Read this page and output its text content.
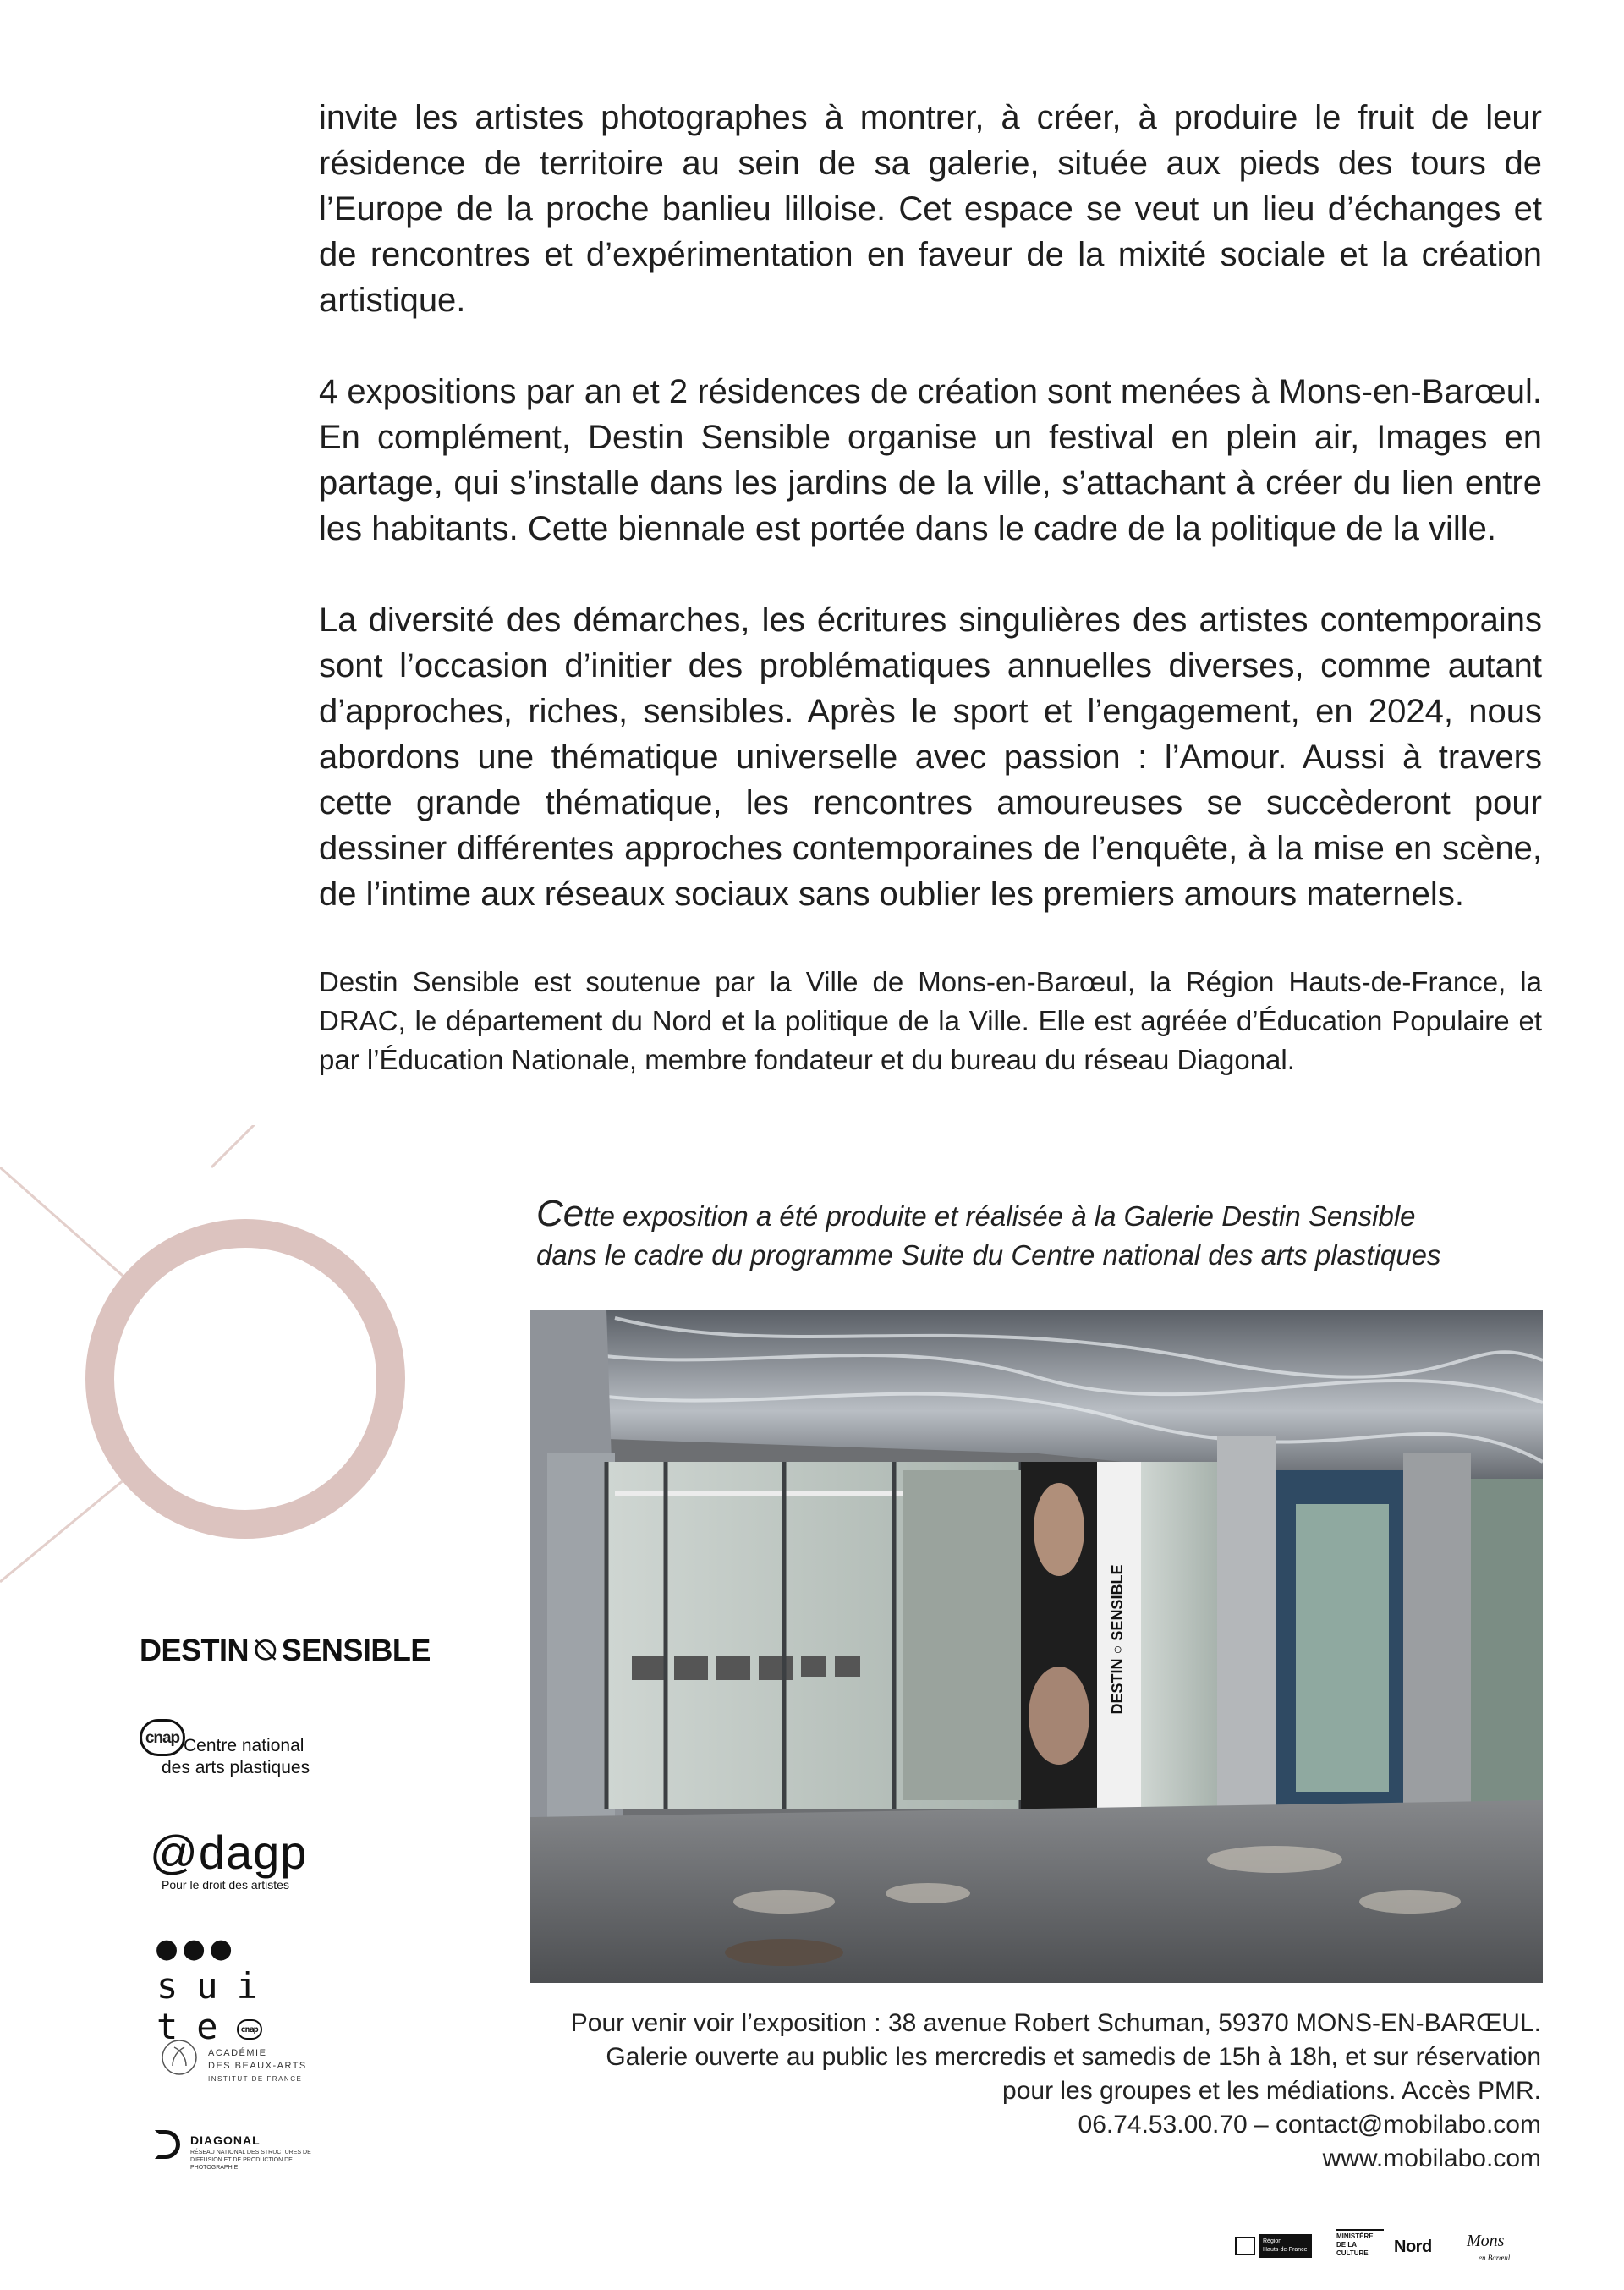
invite les artistes photographes à montrer, à créer, à produire le fruit de leur résidence de territoire au sein de sa galerie, située aux pieds des tours de l’Europe de la proche banlieu lilloise. Cet espace se veut un lieu d’échanges et de rencontres et d’expérimentation en faveur de la mixité sociale et la création artistique.

4 expositions par an et 2 résidences de création sont menées à Mons-en-Barœul. En complément, Destin Sensible organise un festival en plein air, Images en partage, qui s’installe dans les jardins de la ville, s’attachant à créer du lien entre les habitants. Cette biennale est portée dans le cadre de la politique de la ville.

La diversité des démarches, les écritures singulières des artistes contemporains sont l’occasion d’initier des problématiques annuelles diverses, comme autant d’approches, riches, sensibles. Après le sport et l’engagement, en 2024, nous abordons une thématique universelle avec passion : l’Amour. Aussi à travers cette grande thématique, les rencontres amoureuses se succèderont pour dessiner différentes approches contemporaines de l’enquête, à la mise en scène, de l’intime aux réseaux sociaux sans oublier les premiers amours maternels.

Destin Sensible est soutenue par la Ville de Mons-en-Barœul, la Région Hauts-de-France, la DRAC, le département du Nord et la politique de la Ville. Elle est agréée d’Éducation Populaire et par l’Éducation Nationale, membre fondateur et du bureau du réseau Diagonal.

Cette exposition a été produite et réalisée à la Galerie Destin Sensible
dans le cadre du programme Suite du Centre national des arts plastiques
DESTIN ○ SENSIBLE
Pour venir voir l’exposition : 38 avenue Robert Schuman, 59370 MONS-EN-BARŒUL.
Galerie ouverte au public les mercredis et samedis de 15h à 18h, et sur réservation
pour les groupes et les médiations. Accès PMR.
06.74.53.00.70 – contact@mobilabo.com
www.mobilabo.com
DESTIN ⦰ SENSIBLE
cnap Centre national
des arts plastiques
@dagp
Pour le droit des artistes
●●●
sui
te cnap
ACADÉMIE
DES BEAUX-ARTS
INSTITUT DE FRANCE
DIAGONAL
RÉSEAU NATIONAL DES STRUCTURES DE DIFFUSION ET DE PRODUCTION DE PHOTOGRAPHIE
Région
Hauts-de-France
MINISTÈRE DE LA CULTURE	Nord Mons
en Barœul
